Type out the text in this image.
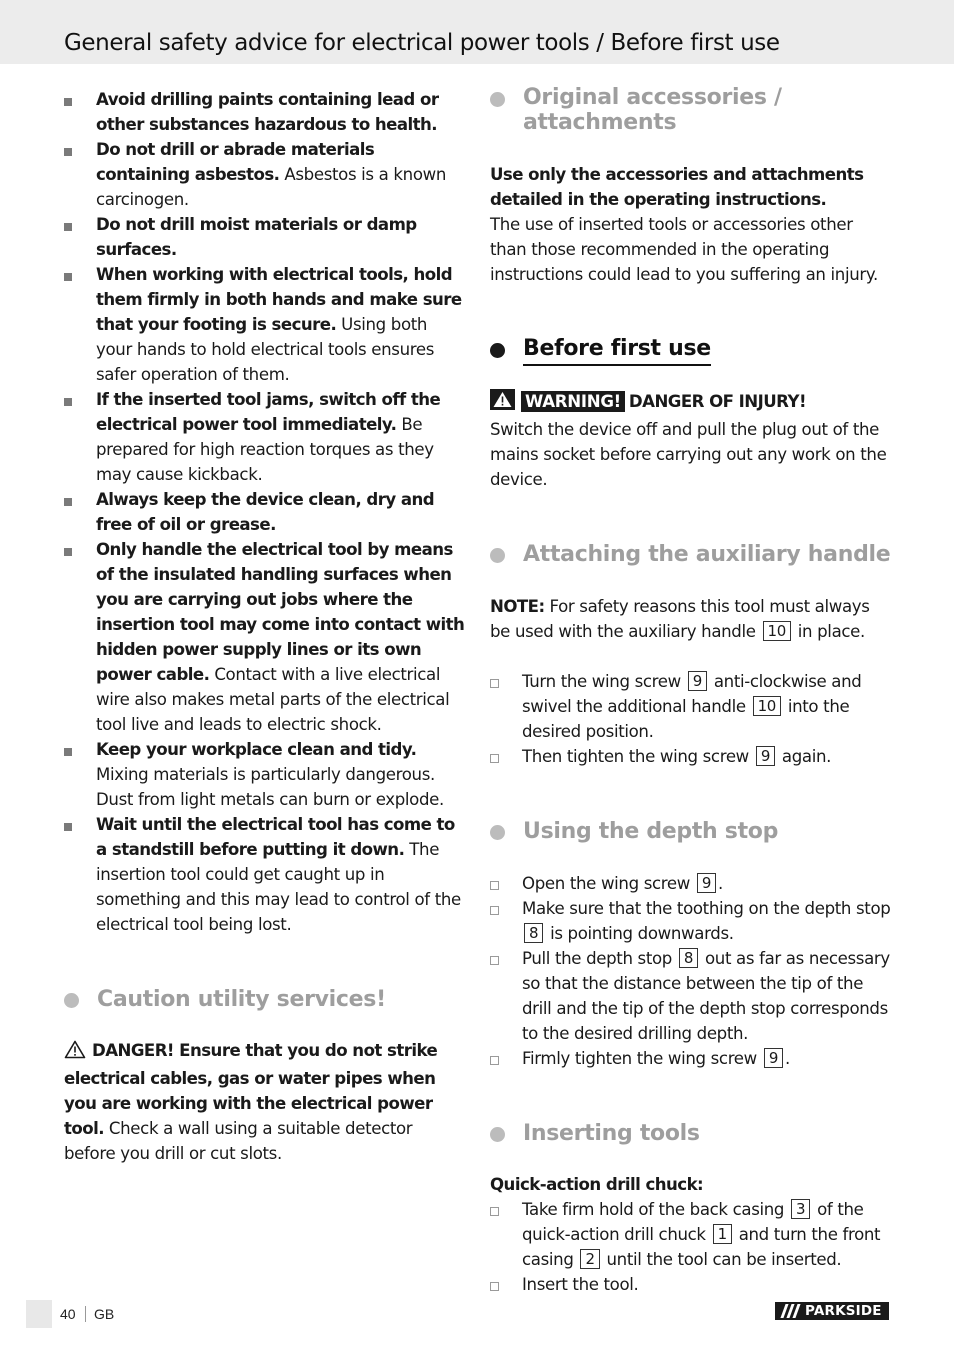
General safety advice for electrical power tools / Before first use
Avoid drilling paints containing lead or other substances hazardous to health.
Do not drill or abrade materials containing asbestos. Asbestos is a known carcinogen.
Do not drill moist materials or damp surfaces.
When working with electrical tools, hold them firmly in both hands and make sure that your footing is secure. Using both your hands to hold electrical tools ensures safer operation of them.
If the inserted tool jams, switch off the electrical power tool immediately. Be prepared for high reaction torques as they may cause kickback.
Always keep the device clean, dry and free of oil or grease.
Only handle the electrical tool by means of the insulated handling surfaces when you are carrying out jobs where the insertion tool may come into contact with hidden power supply lines or its own power cable. Contact with a live electrical wire also makes metal parts of the electrical tool live and leads to electric shock.
Keep your workplace clean and tidy. Mixing materials is particularly dangerous. Dust from light metals can burn or explode.
Wait until the electrical tool has come to a standstill before putting it down. The insertion tool could get caught up in something and this may lead to control of the electrical tool being lost.
Caution utility services!
DANGER! Ensure that you do not strike electrical cables, gas or water pipes when you are working with the electrical power tool. Check a wall using a suitable detector before you drill or cut slots.
Original accessories / attachments
Use only the accessories and attachments detailed in the operating instructions.
The use of inserted tools or accessories other than those recommended in the operating instructions could lead to you suffering an injury.
Before first use
WARNING! DANGER OF INJURY!
Switch the device off and pull the plug out of the mains socket before carrying out any work on the device.
Attaching the auxiliary handle
NOTE: For safety reasons this tool must always be used with the auxiliary handle 10 in place.
Turn the wing screw 9 anti-clockwise and swivel the additional handle 10 into the desired position.
Then tighten the wing screw 9 again.
Using the depth stop
Open the wing screw 9 .
Make sure that the toothing on the depth stop 8 is pointing downwards.
Pull the depth stop 8 out as far as necessary so that the distance between the tip of the drill and the tip of the depth stop corresponds to the desired drilling depth.
Firmly tighten the wing screw 9 .
Inserting tools
Quick-action drill chuck:
Take firm hold of the back casing 3 of the quick-action drill chuck 1 and turn the front casing 2 until the tool can be inserted.
Insert the tool.
40 GB	PARKSIDE
